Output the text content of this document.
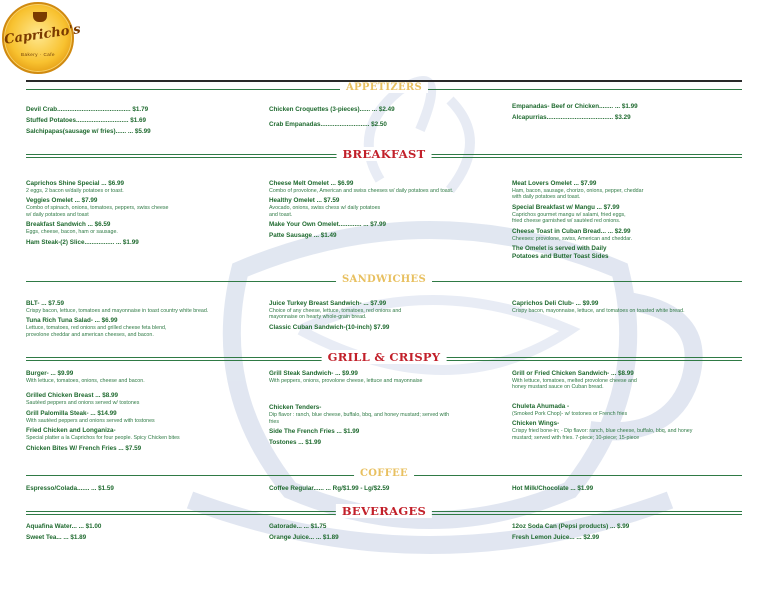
Capricho's
Bakery · Cafe
APPETIZERS
Devil Crab.......................................... $1.79
Stuffed Potatoes.............................. $1.69
Salchipapas(sausage w/ fries)...... ... $5.99
Chicken Croquettes (3-pieces)...... ... $2.49
Crab Empanadas............................ $2.50
Empanadas- Beef or Chicken........ ... $1.99
Alcapurrias...................................... $3.29
BREAKFAST
Caprichos Shine Special ... $6.99
2 eggs, 2 bacon w/daily potatoes or toast.
Veggies Omelet ... $7.99
Combo of spinach, onions, tomatoes, peppers, swiss cheese
w/ daily potatoes and toast
Breakfast Sandwich ... $6.59
Eggs, cheese, bacon, ham or sausage.
Ham Steak-(2) Slice................. ... $1.99
Cheese Melt Omelet ... $6.99
Combo of provolone, American and swiss cheeses w/ daily potatoes and toast.
Healthy Omelet ... $7.59
Avocado, onions, swiss chess w/ daily potatoes
and toast.
Make Your Own Omelet............. ... $7.99
Patte Sausage ... $1.49
Meat Lovers Omelet ... $7.99
Ham, bacon, sausage, chorizo, onions, pepper, cheddar
with daily potatoes and toast.
Special Breakfast w/ Mangu ... $7.99
Caprichos gourmet mangu w/ salami, fried eggs,
fried cheese garnished w/ sautéed red onions.
Cheese Toast in Cuban Bread... ... $2.99
Cheeses: provolone, swiss, American and cheddar.
The Omelet is served with Daily
Potatoes and Butter Toast Sides
SANDWICHES
BLT- ... $7.59
Crispy bacon, lettuce, tomatoes and mayonnaise in toast country white bread.
Tuna Rich Tuna Salad- ... $6.99
Lettuce, tomatoes, red onions and grilled cheese feta blend,
provolone cheddar and american cheeses, and bacon.
Juice Turkey Breast Sandwich- ... $7.99
Choice of any cheese, lettuce, tomatoes, red onions and
mayonnaise on hearty whole-grain bread.
Classic Cuban Sandwich-(10-inch) $7.99
Caprichos Deli Club- ... $9.99
Crispy bacon, mayonnaise, lettuce, and tomatoes on toasted white bread.
GRILL & CRISPY
Burger- ... $9.99
With lettuce, tomatoes, onions, cheese and bacon.
Grilled Chicken Breast ... $8.99
Sautéed peppers and onions served w/ tostones
Grill Palomilla Steak- ... $14.99
With sautéed peppers and onions served with tostones
Fried Chicken and Longaniza-
Special platter a la Caprichos for four people. Spicy Chicken bites
Chicken Bites W/ French Fries ... $7.59
Grill Steak Sandwich- ... $9.99
With peppers, onions, provolone cheese, lettuce and mayonnaise
Chicken Tenders-
Dip flavor : ranch, blue cheese, buffalo, bbq, and honey mustard; served with
fries
Side The French Fries ... $1.99
Tostones ... $1.99
Grill or Fried Chicken Sandwich- ... $8.99
With lettuce, tomatoes, melted provolone cheese and
honey mustard sauce on Cuban bread.
Chuleta Ahumada -
(Smoked Pork Chop)- w/ tostones or French fries
Chicken Wings-
Crispy fried bone-in; - Dip flavor: ranch, blue cheese, buffalo, bbq, and honey
mustard; served with fries. 7-piece; 10-piece; 15-piece
COFFEE
Espresso/Colada....... ... $1.59	Coffee Regular...... ... Rg/$1.99 - Lg/$2.59	Hot Milk/Chocolate ... $1.99
BEVERAGES
Aquafina Water... ... $1.00
Sweet Tea... ... $1.89
Gatorade... ... $1.75
Orange Juice... ... $1.89
12oz Soda Can (Pepsi products) ... $.99
Fresh Lemon Juice... ... $2.99
